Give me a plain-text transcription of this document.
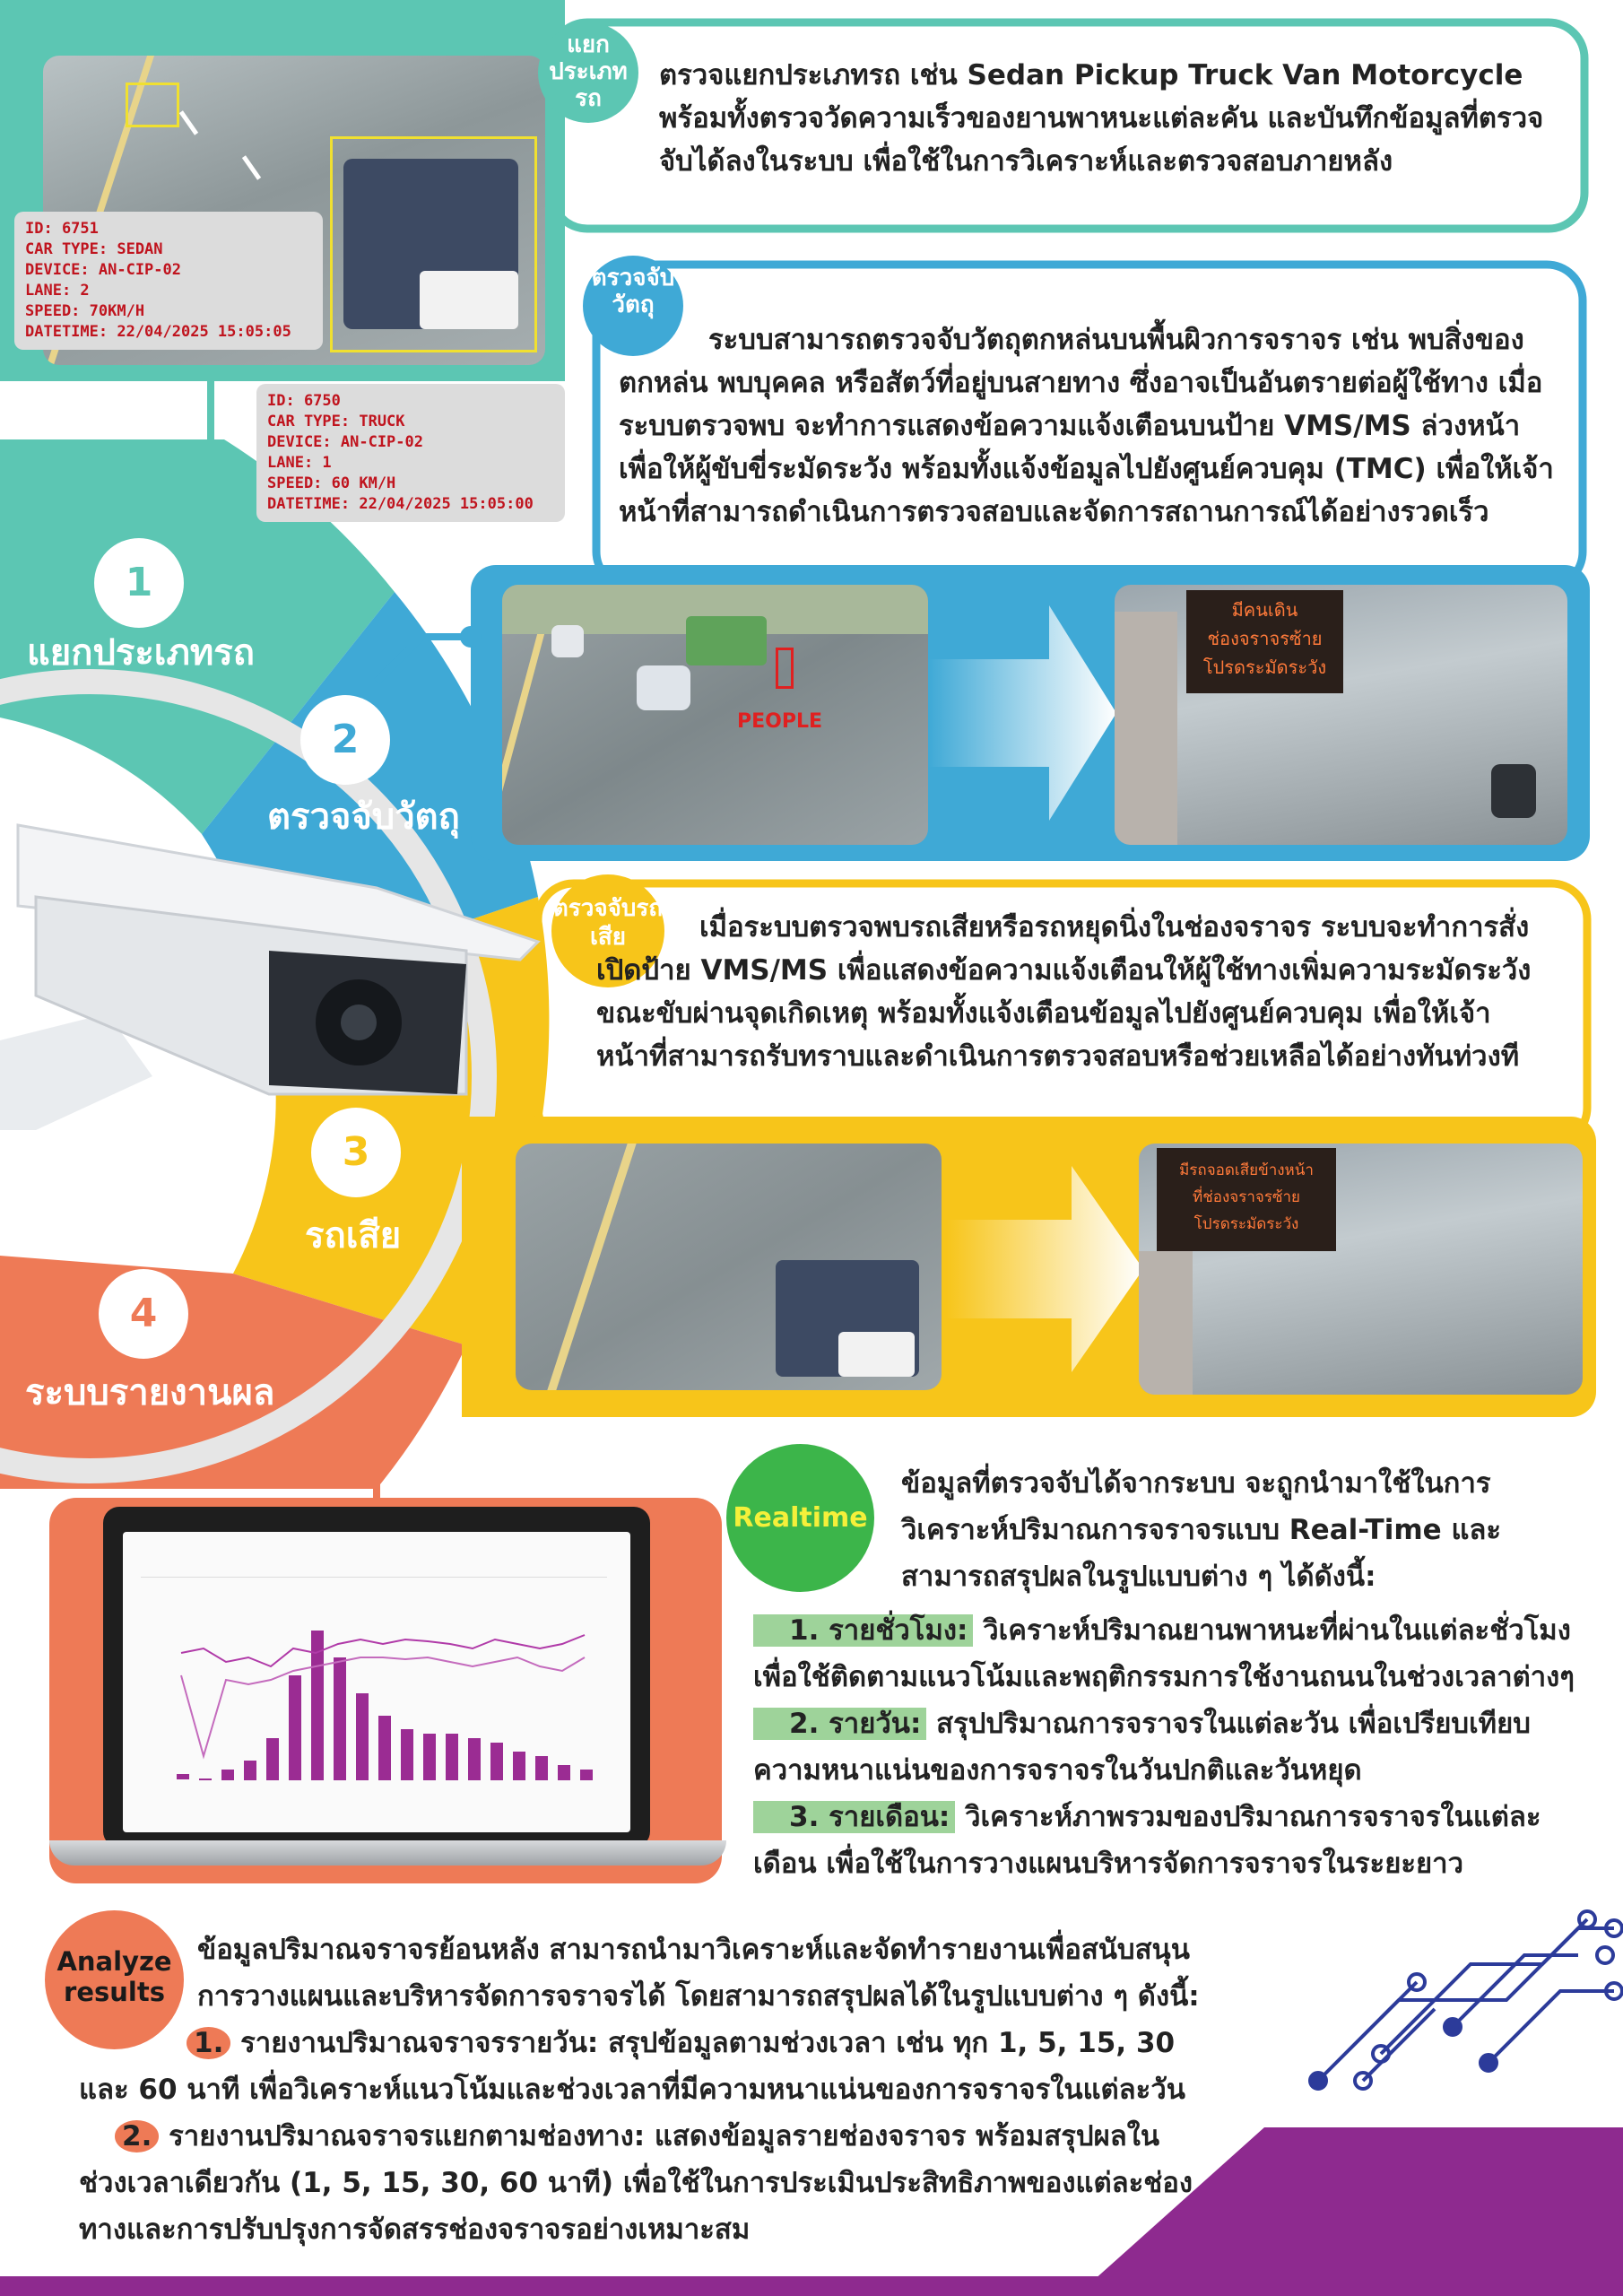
แยกประเภทรถ
ID: 6751
CAR TYPE: SEDAN
DEVICE: AN-CIP-02
LANE: 2
SPEED: 70KM/H
DATETIME: 22/04/2025 15:05:05
ID: 6750
CAR TYPE: TRUCK
DEVICE: AN-CIP-02
LANE: 1
SPEED: 60 KM/H
DATETIME: 22/04/2025 15:05:00
ตรวจแยกประเภทรถ เช่น Sedan Pickup Truck Van Motorcycle พร้อมทั้งตรวจวัดความเร็วของยานพาหนะแต่ละคัน และบันทึกข้อมูลที่ตรวจจับได้ลงในระบบ เพื่อใช้ในการวิเคราะห์และตรวจสอบภายหลัง
ตรวจจับวัตถุ
ระบบสามารถตรวจจับวัตถุตกหล่นบนพื้นผิวการจราจร เช่น พบสิ่งของตกหล่น พบบุคคล หรือสัตว์ที่อยู่บนสายทาง ซึ่งอาจเป็นอันตรายต่อผู้ใช้ทาง เมื่อระบบตรวจพบ จะทำการแสดงข้อความแจ้งเตือนบนป้าย VMS/MS ล่วงหน้า เพื่อให้ผู้ขับขี่ระมัดระวัง พร้อมทั้งแจ้งข้อมูลไปยังศูนย์ควบคุม (TMC) เพื่อให้เจ้าหน้าที่สามารถดำเนินการตรวจสอบและจัดการสถานการณ์ได้อย่างรวดเร็ว
PEOPLE
มีคนเดิน
ช่องจราจรซ้าย
โปรดระมัดระวัง
ตรวจจับรถเสีย	เมื่อระบบตรวจพบรถเสียหรือรถหยุดนิ่งในช่องจราจร ระบบจะทำการสั่งเปิดป้าย VMS/MS เพื่อแสดงข้อความแจ้งเตือนให้ผู้ใช้ทางเพิ่มความระมัดระวัง ขณะขับผ่านจุดเกิดเหตุ พร้อมทั้งแจ้งเตือนข้อมูลไปยังศูนย์ควบคุม เพื่อให้เจ้าหน้าที่สามารถรับทราบและดำเนินการตรวจสอบหรือช่วยเหลือได้อย่างทันท่วงที
มีรถจอดเสียข้างหน้า
ที่ช่องจราจรซ้าย
โปรดระมัดระวัง
1
แยกประเภทรถ
2
ตรวจจับวัตถุ
3
รถเสีย
4
ระบบรายงานผล
Realtime
ข้อมูลที่ตรวจจับได้จากระบบ จะถูกนำมาใช้ในการวิเคราะห์ปริมาณการจราจรแบบ Real-Time และสามารถสรุปผลในรูปแบบต่าง ๆ ได้ดังนี้:
1. รายชั่วโมง: วิเคราะห์ปริมาณยานพาหนะที่ผ่านในแต่ละชั่วโมง เพื่อใช้ติดตามแนวโน้มและพฤติกรรมการใช้งานถนนในช่วงเวลาต่างๆ
2. รายวัน: สรุปปริมาณการจราจรในแต่ละวัน เพื่อเปรียบเทียบความหนาแน่นของการจราจรในวันปกติและวันหยุด
3. รายเดือน: วิเคราะห์ภาพรวมของปริมาณการจราจรในแต่ละเดือน เพื่อใช้ในการวางแผนบริหารจัดการจราจรในระยะยาว
Analyze results
ข้อมูลปริมาณจราจรย้อนหลัง สามารถนำมาวิเคราะห์และจัดทำรายงานเพื่อสนับสนุนการวางแผนและบริหารจัดการจราจรได้ โดยสามารถสรุปผลได้ในรูปแบบต่าง ๆ ดังนี้:
1. รายงานปริมาณจราจรรายวัน: สรุปข้อมูลตามช่วงเวลา เช่น ทุก 1, 5, 15, 30 และ 60 นาที เพื่อวิเคราะห์แนวโน้มและช่วงเวลาที่มีความหนาแน่นของการจราจรในแต่ละวัน
2. รายงานปริมาณจราจรแยกตามช่องทาง: แสดงข้อมูลรายช่องจราจร พร้อมสรุปผลในช่วงเวลาเดียวกัน (1, 5, 15, 30, 60 นาที) เพื่อใช้ในการประเมินประสิทธิภาพของแต่ละช่องทางและการปรับปรุงการจัดสรรช่องจราจรอย่างเหมาะสม
